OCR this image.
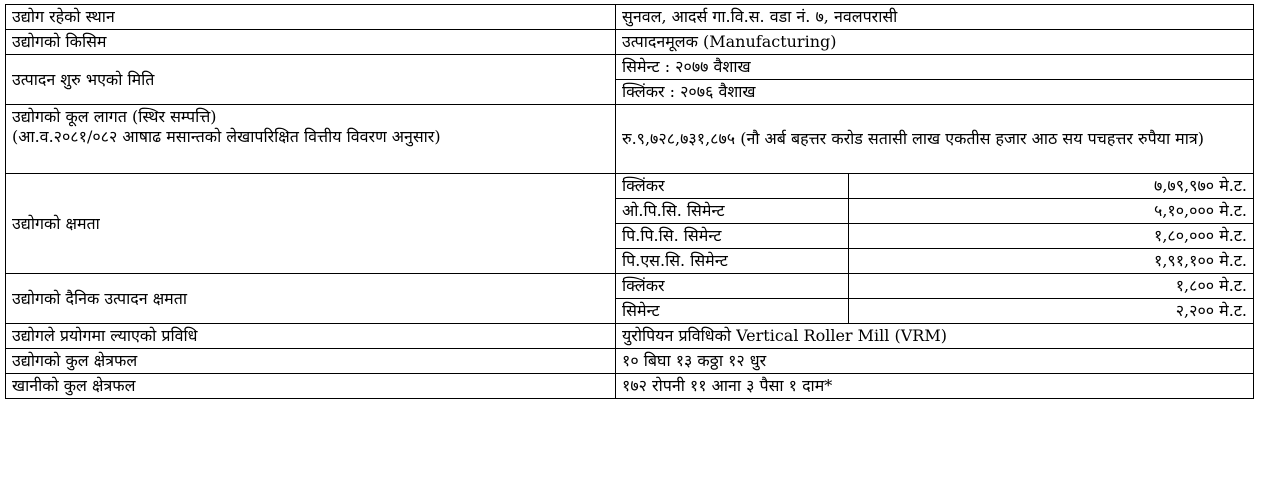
उद्योग रहेको स्थान	सुनवल, आदर्स गा.वि.स. वडा नं. ७, नवलपरासी	
उद्योगको किसिम	उत्पादनमूलक (Manufacturing)	
उत्पादन शुरु भएको मिति	सिमेन्ट : २०७७ वैशाख	
	क्लिंकर : २०७६ वैशाख	

उद्योगको कूल लागत (स्थिर सम्पत्ति)
(आ.व.२०८१/०८२ आषाढ मसान्तको लेखापरिक्षित वित्तीय विवरण अनुसार)	रु.९,७२८,७३१,८७५ (नौ अर्ब बहत्तर करोड सतासी लाख एकतीस हजार आठ सय पचहत्तर रुपैया मात्र)	
उद्योगको क्षमता	क्लिंकर	७,७९,९७० मे.ट.
	ओ.पि.सि. सिमेन्ट	५,१०,००० मे.ट.
	पि.पि.सि. सिमेन्ट	१,८०,००० मे.ट.
	पि.एस.सि. सिमेन्ट	१,९१,१०० मे.ट.
उद्योगको दैनिक उत्पादन क्षमता	क्लिंकर	१,८०० मे.ट.
	सिमेन्ट	२,२०० मे.ट.
उद्योगले प्रयोगमा ल्याएको प्रविधि	युरोपियन प्रविधिको Vertical Roller Mill (VRM)	
उद्योगको कुल क्षेत्रफल	१० बिघा १३ कठ्ठा १२ धुर	
खानीको कुल क्षेत्रफल	१७२ रोपनी ११ आना ३ पैसा १ दाम*	
